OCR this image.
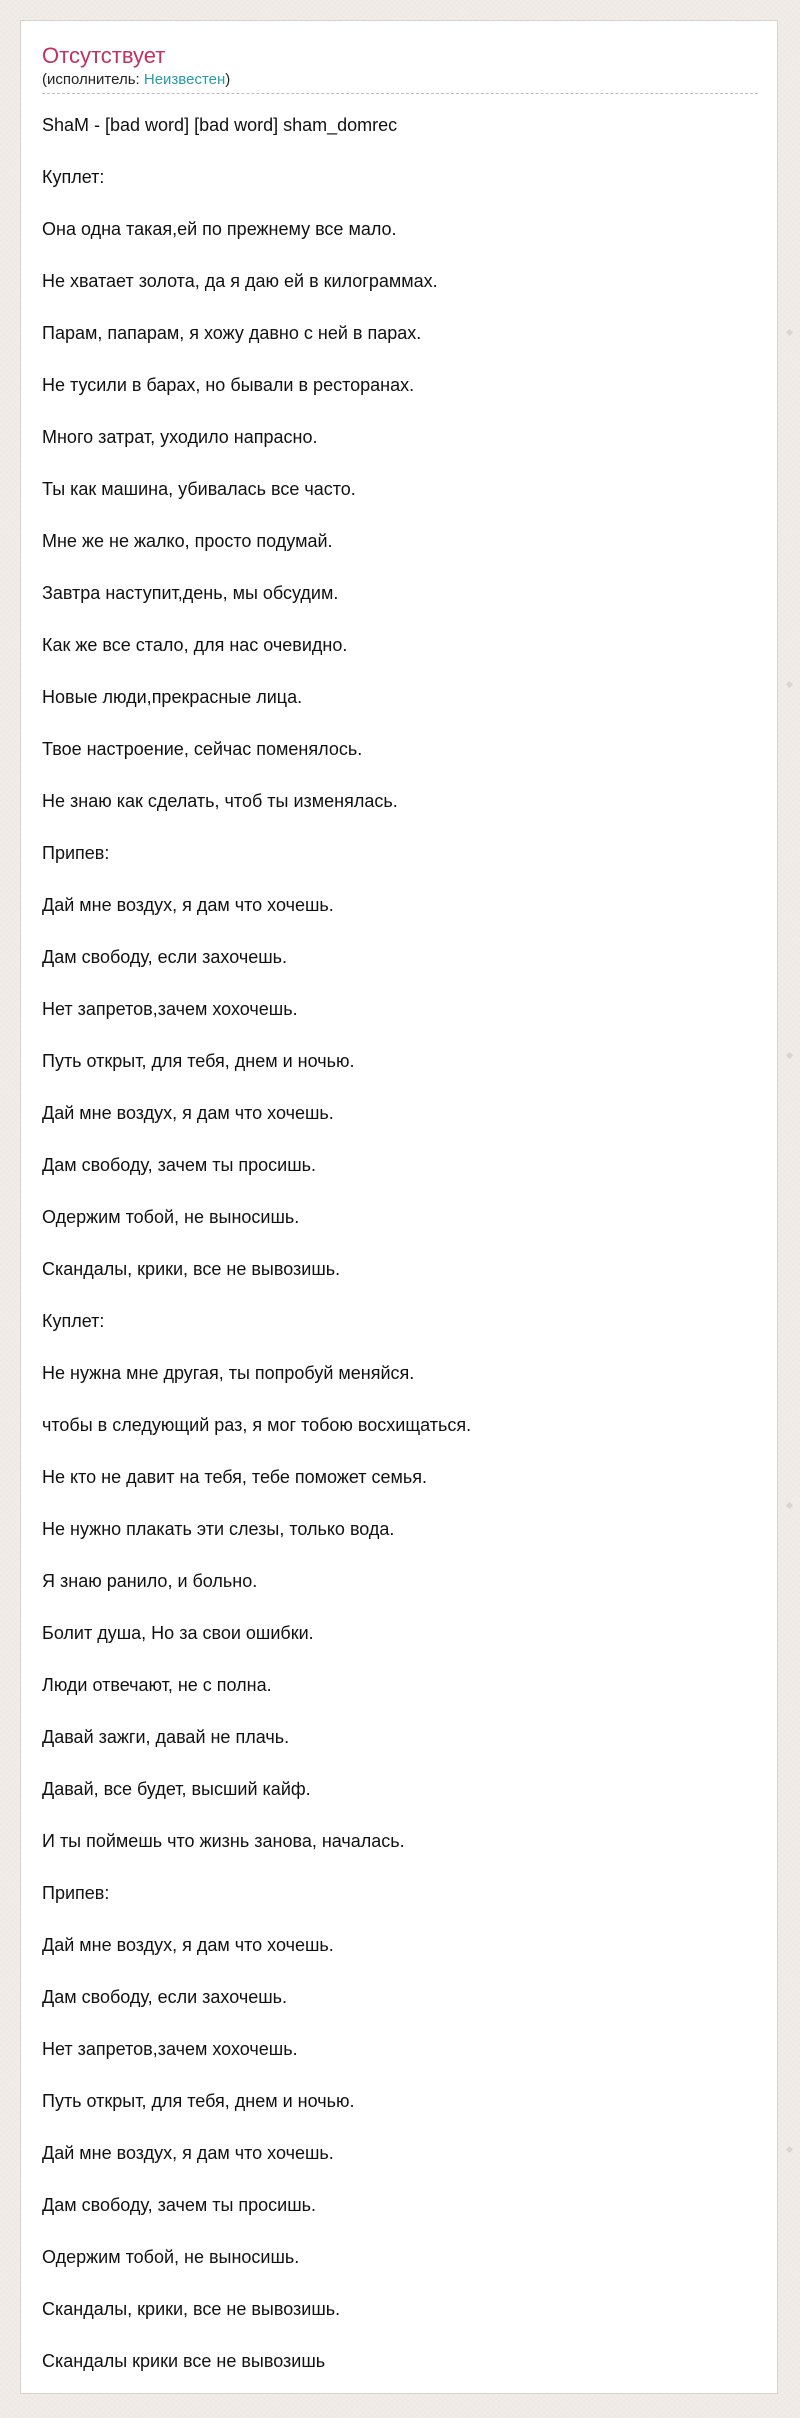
Отсутствует
(исполнитель: Неизвестен)
ShaM - [bad word] [bad word] sham_domrec
Куплет:
Она одна такая,ей по прежнему все мало.
Не хватает золота, да я даю ей в килограммах.
Парам, папарам, я хожу давно с ней в парах.
Не тусили в барах, но бывали в ресторанах.
Много затрат, уходило напрасно.
Ты как машина, убивалась все часто.
Мне же не жалко, просто подумай.
Завтра наступит,день, мы обсудим.
Как же все стало, для нас очевидно.
Новые люди,прекрасные лица.
Твое настроение, сейчас поменялось.
Не знаю как сделать, чтоб ты изменялась.
Припев:
Дай мне воздух, я дам что хочешь.
Дам свободу, если захочешь.
Нет запретов,зачем хохочешь.
Путь открыт, для тебя, днем и ночью.
Дай мне воздух, я дам что хочешь.
Дам свободу, зачем ты просишь.
Одержим тобой, не выносишь.
Скандалы, крики, все не вывозишь.
Куплет:
Не нужна мне другая, ты попробуй меняйся.
чтобы в следующий раз, я мог тобою восхищаться.
Не кто не давит на тебя, тебе поможет семья.
Не нужно плакать эти слезы, только вода.
Я знаю ранило, и больно.
Болит душа, Но за свои ошибки.
Люди отвечают, не с полна.
Давай зажги, давай не плачь.
Давай, все будет, высший кайф.
И ты поймешь что жизнь занова, началась.
Припев:
Дай мне воздух, я дам что хочешь.
Дам свободу, если захочешь.
Нет запретов,зачем хохочешь.
Путь открыт, для тебя, днем и ночью.
Дай мне воздух, я дам что хочешь.
Дам свободу, зачем ты просишь.
Одержим тобой, не выносишь.
Скандалы, крики, все не вывозишь.
Скандалы крики все не вывозишь
